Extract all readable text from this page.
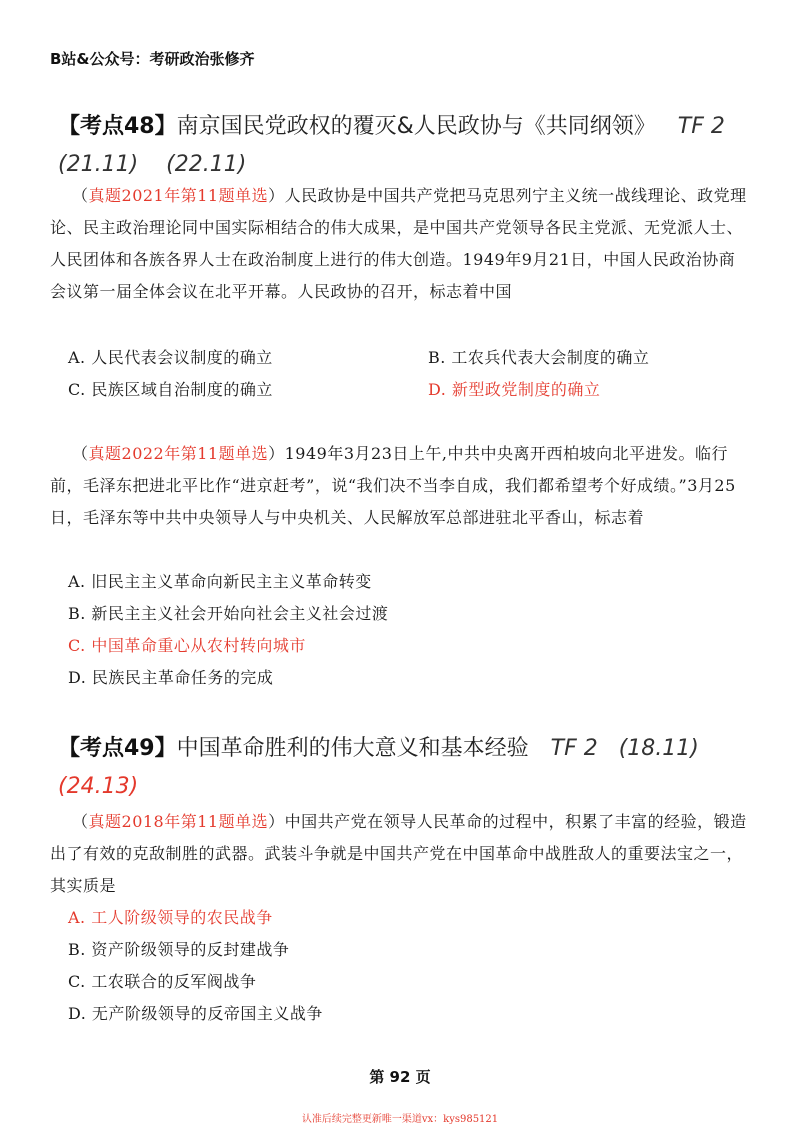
B站&公众号：考研政治张修齐
【考点48】南京国民党政权的覆灭&人民政协与《共同纲领》 TF 2
(21.11) (22.11)
（真题2021年第11题单选）人民政协是中国共产党把马克思列宁主义统一战线理论、政党理论、民主政治理论同中国实际相结合的伟大成果，是中国共产党领导各民主党派、无党派人士、人民团体和各族各界人士在政治制度上进行的伟大创造。1949年9月21日，中国人民政治协商会议第一届全体会议在北平开幕。人民政协的召开，标志着中国
A. 人民代表会议制度的确立	B. 工农兵代表大会制度的确立
C. 民族区域自治制度的确立	D. 新型政党制度的确立
（真题2022年第11题单选）1949年3月23日上午,中共中央离开西柏坡向北平进发。临行前，毛泽东把进北平比作“进京赶考”，说“我们决不当李自成，我们都希望考个好成绩。”3月25日，毛泽东等中共中央领导人与中央机关、人民解放军总部进驻北平香山，标志着
A. 旧民主主义革命向新民主主义革命转变
B. 新民主主义社会开始向社会主义社会过渡
C. 中国革命重心从农村转向城市
D. 民族民主革命任务的完成
【考点49】中国革命胜利的伟大意义和基本经验 TF 2 (18.11)
(24.13)
（真题2018年第11题单选）中国共产党在领导人民革命的过程中，积累了丰富的经验，锻造出了有效的克敌制胜的武器。武装斗争就是中国共产党在中国革命中战胜敌人的重要法宝之一，其实质是
A. 工人阶级领导的农民战争
B. 资产阶级领导的反封建战争
C. 工农联合的反军阀战争
D. 无产阶级领导的反帝国主义战争
第 92 页
认准后续完整更新唯一渠道vx：kys985121
